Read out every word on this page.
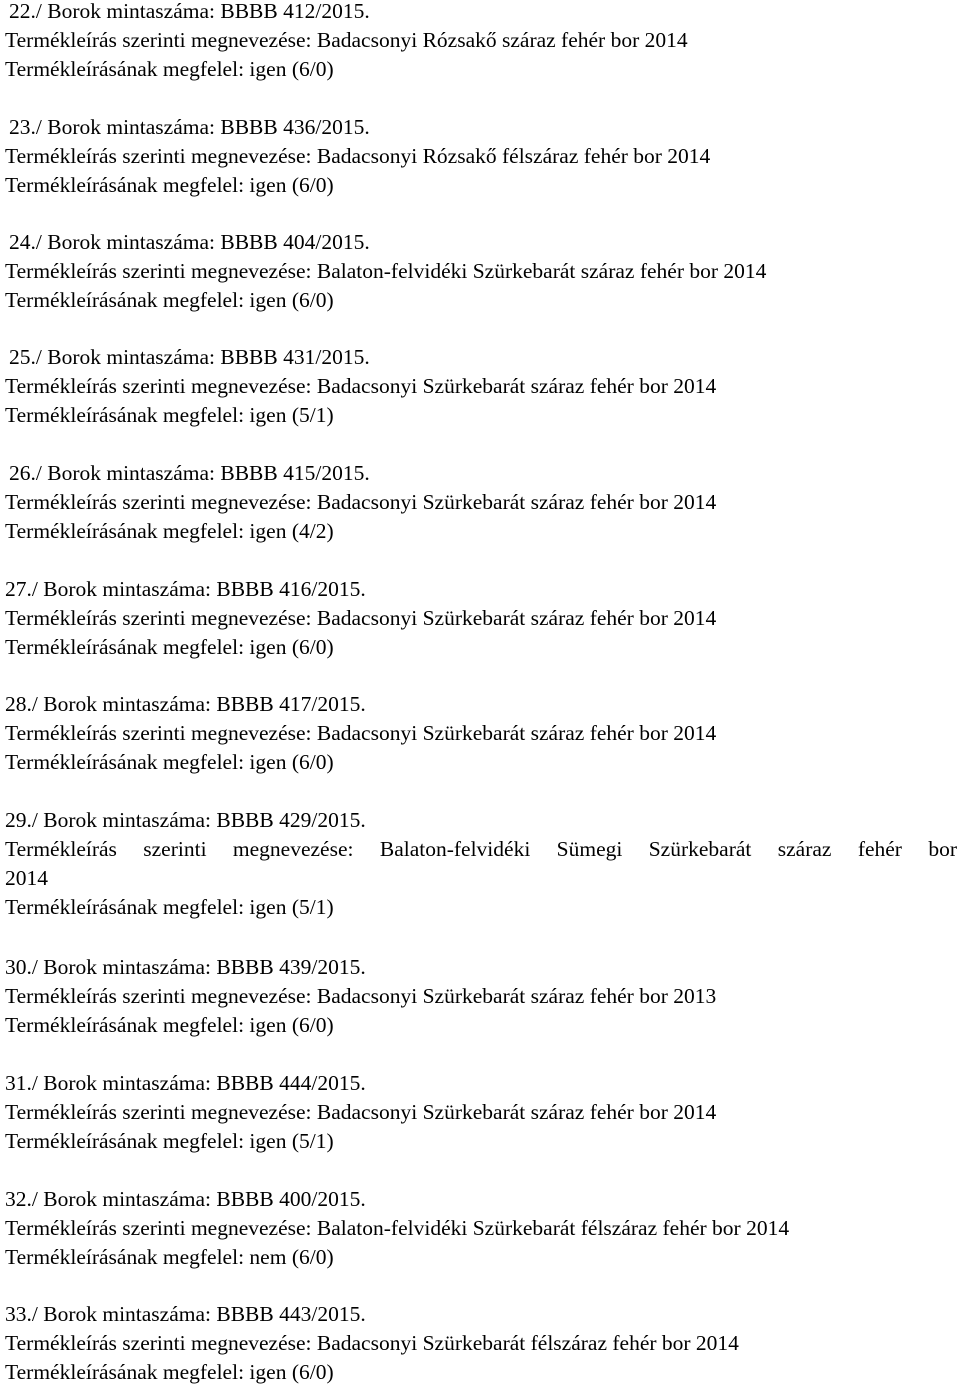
22./ Borok mintaszáma: BBBB 412/2015.
Termékleírás szerinti megnevezése: Badacsonyi Rózsakő száraz fehér bor 2014
Termékleírásának megfelel: igen (6/0)
23./ Borok mintaszáma: BBBB 436/2015.
Termékleírás szerinti megnevezése: Badacsonyi Rózsakő félszáraz fehér bor 2014
Termékleírásának megfelel: igen (6/0)
24./ Borok mintaszáma: BBBB 404/2015.
Termékleírás szerinti megnevezése: Balaton-felvidéki Szürkebarát száraz fehér bor 2014
Termékleírásának megfelel: igen (6/0)
25./ Borok mintaszáma: BBBB 431/2015.
Termékleírás szerinti megnevezése: Badacsonyi Szürkebarát száraz fehér bor 2014
Termékleírásának megfelel: igen (5/1)
26./ Borok mintaszáma: BBBB 415/2015.
Termékleírás szerinti megnevezése: Badacsonyi Szürkebarát száraz fehér bor 2014
Termékleírásának megfelel: igen (4/2)
27./ Borok mintaszáma: BBBB 416/2015.
Termékleírás szerinti megnevezése: Badacsonyi Szürkebarát száraz fehér bor 2014
Termékleírásának megfelel: igen (6/0)
28./ Borok mintaszáma: BBBB 417/2015.
Termékleírás szerinti megnevezése: Badacsonyi Szürkebarát száraz fehér bor 2014
Termékleírásának megfelel: igen (6/0)
29./ Borok mintaszáma: BBBB 429/2015.
Termékleírás szerinti megnevezése: Balaton-felvidéki Sümegi Szürkebarát száraz fehér bor
2014
Termékleírásának megfelel: igen (5/1)
30./ Borok mintaszáma: BBBB 439/2015.
Termékleírás szerinti megnevezése: Badacsonyi Szürkebarát száraz fehér bor 2013
Termékleírásának megfelel: igen (6/0)
31./ Borok mintaszáma: BBBB 444/2015.
Termékleírás szerinti megnevezése: Badacsonyi Szürkebarát száraz fehér bor 2014
Termékleírásának megfelel: igen (5/1)
32./ Borok mintaszáma: BBBB 400/2015.
Termékleírás szerinti megnevezése: Balaton-felvidéki Szürkebarát félszáraz fehér bor 2014
Termékleírásának megfelel: nem (6/0)
33./ Borok mintaszáma: BBBB 443/2015.
Termékleírás szerinti megnevezése: Badacsonyi Szürkebarát félszáraz fehér bor 2014
Termékleírásának megfelel: igen (6/0)
